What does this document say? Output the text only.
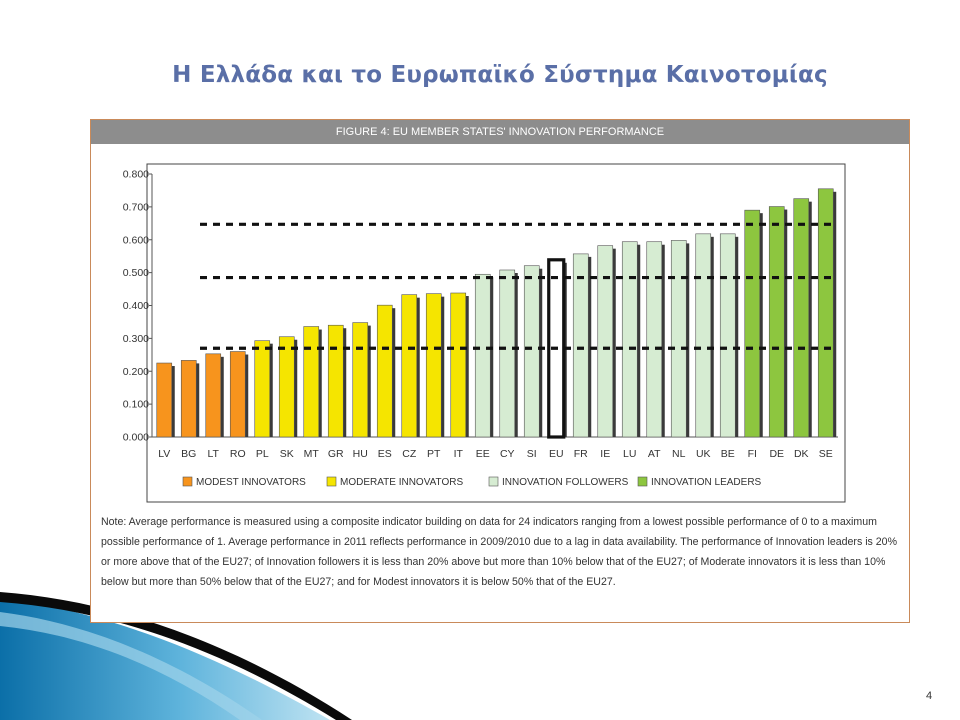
Η Ελλάδα και το Ευρωπαϊκό Σύστημα Καινοτομίας
FIGURE 4: EU MEMBER STATES' INNOVATION PERFORMANCE
0.000
0.100
0.200
0.300
0.400
0.500
0.600
0.700
0.800
LV BG LT RO PL SK MT GR HU ES CZ PT IT EE CY SI EU FR IE LU AT NL UK BE FI DE DK SE
MODEST INNOVATORS	MODERATE INNOVATORS	INNOVATION FOLLOWERS INNOVATION LEADERS
Note: Average performance is measured using a composite indicator building on data for 24 indicators ranging from a lowest possible performance of 0 to a maximum possible performance of 1. Average performance in 2011 reflects performance in 2009/2010 due to a lag in data availability. The performance of Innovation leaders is 20% or more above that of the EU27; of Innovation followers it is less than 20% above but more than 10% below that of the EU27; of Moderate innovators it is less than 10% below but more than 50% below that of the EU27; and for Modest innovators it is below 50% that of the EU27.
4
